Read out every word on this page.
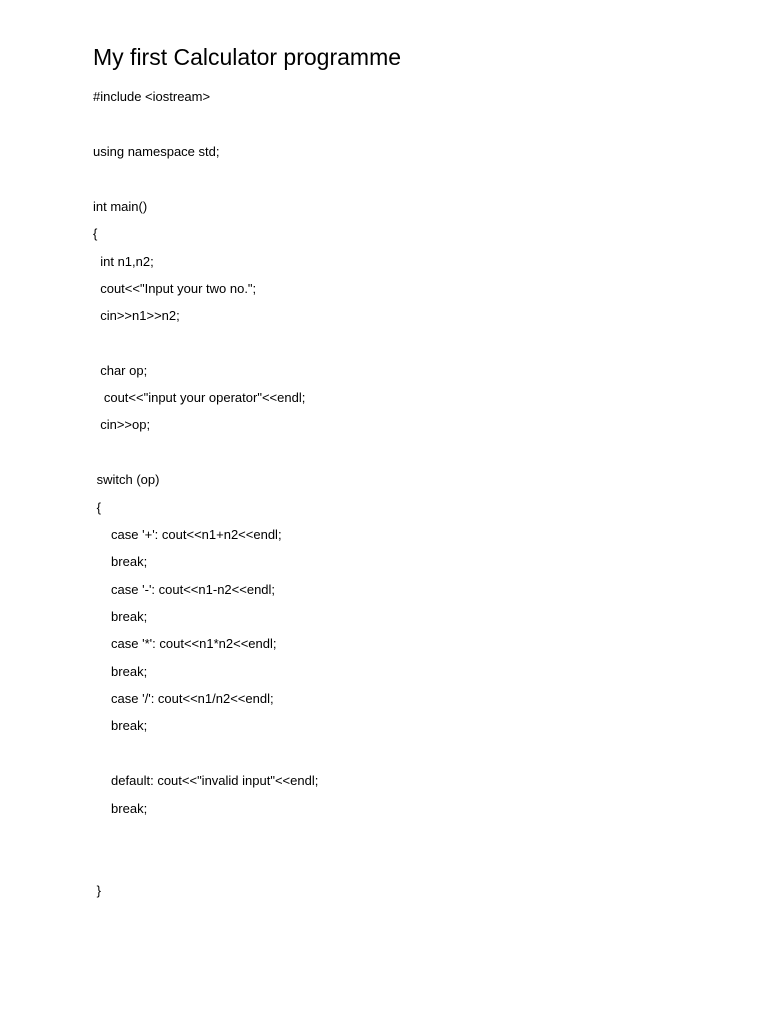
My first Calculator programme
#include <iostream>
using namespace std;
int main()
{
int n1,n2;
cout<<"Input your two no.";
cin>>n1>>n2;
char op;
cout<<"input your operator"<<endl;
cin>>op;
switch (op)
{
case '+': cout<<n1+n2<<endl;
break;
case '-': cout<<n1-n2<<endl;
break;
case '*': cout<<n1*n2<<endl;
break;
case '/': cout<<n1/n2<<endl;
break;
default: cout<<"invalid input"<<endl;
break;
}
